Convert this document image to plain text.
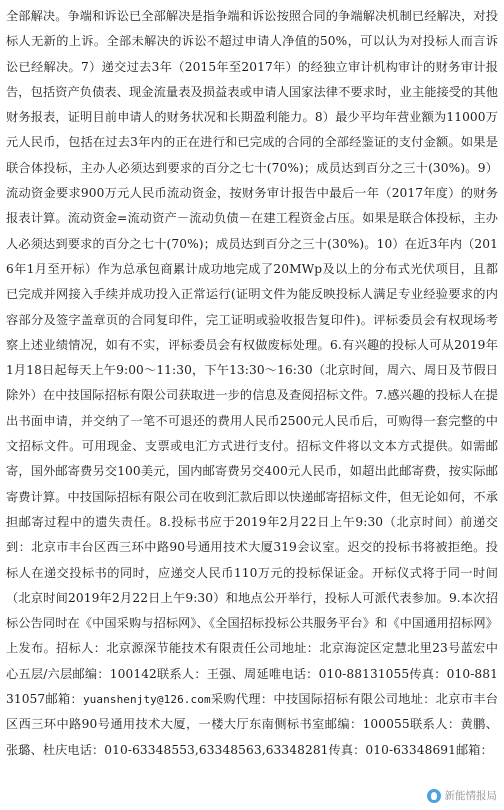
全部解决。争端和诉讼已全部解决是指争端和诉讼按照合同的争端解决机制已经解决，对投标人无新的上诉。全部未解决的诉讼不超过申请人净值的50%，可以认为对投标人而言诉讼已经解决。7）递交过去3年（2015年至2017年）的经独立审计机构审计的财务审计报告，包括资产负债表、现金流量表及损益表或申请人国家法律不要求时，业主能接受的其他财务报表，证明目前申请人的财务状况和长期盈利能力。8）最少平均年营业额为11000万元人民币，包括在过去3年内的正在进行和已完成的合同的全部经鉴证的支付金额。如果是联合体投标，主办人必须达到要求的百分之七十(70%)；成员达到百分之三十(30%)。9）流动资金要求900万元人民币流动资金，按财务审计报告中最后一年（2017年度）的财务报表计算。流动资金=流动资产－流动负债－在建工程资金占压。如果是联合体投标，主办人必须达到要求的百分之七十(70%)；成员达到百分之三十(30%)。10）在近3年内（2016年1月至开标）作为总承包商累计成功地完成了20MWp及以上的分布式光伏项目，且都已完成并网接入手续并成功投入正常运行(证明文件为能反映投标人满足专业经验要求的内容部分及签字盖章页的合同复印件，完工证明或验收报告复印件)。评标委员会有权现场考察上述业绩情况，如有不实，评标委员会有权做废标处理。6.有兴趣的投标人可从2019年1月18日起每天上午9:00～11:30，下午13:30～16:30（北京时间，周六、周日及节假日除外）在中技国际招标有限公司获取进一步的信息及查阅招标文件。7.感兴趣的投标人在提出书面申请，并交纳了一笔不可退还的费用人民币2500元人民币后，可购得一套完整的中文招标文件。可用现金、支票或电汇方式进行支付。招标文件将以文本方式提供。如需邮寄，国外邮寄费另交100美元，国内邮寄费另交400元人民币，如超出此邮寄费，按实际邮寄费计算。中技国际招标有限公司在收到汇款后即以快递邮寄招标文件，但无论如何，不承担邮寄过程中的遗失责任。8.投标书应于2019年2月22日上午9:30（北京时间）前递交到：北京市丰台区西三环中路90号通用技术大厦319会议室。迟交的投标书将被拒绝。投标人在递交投标书的同时，应递交人民币110万元的投标保证金。开标仪式将于同一时间（北京时间2019年2月22日上午9:30）和地点公开举行，投标人可派代表参加。9.本次招标公告同时在《中国采购与招标网》、《全国招标投标公共服务平台》和《中国通用招标网》上发布。招标人：北京源深节能技术有限责任公司地址：北京海淀区定慧北里23号蓝宏中心五层/六层邮编：100142联系人：王强、周延唯电话：010-88131055传真：010-88131057邮箱：yuanshenjty@126.com采购代理：中技国际招标有限公司地址：北京市丰台区西三环中路90号通用技术大厦，一楼大厅东南侧标书室邮编：100055联系人：黄鹏、张璐、杜庆电话：010-63348553,63348563,63348281传真：010-63348691邮箱：
新能情报局
